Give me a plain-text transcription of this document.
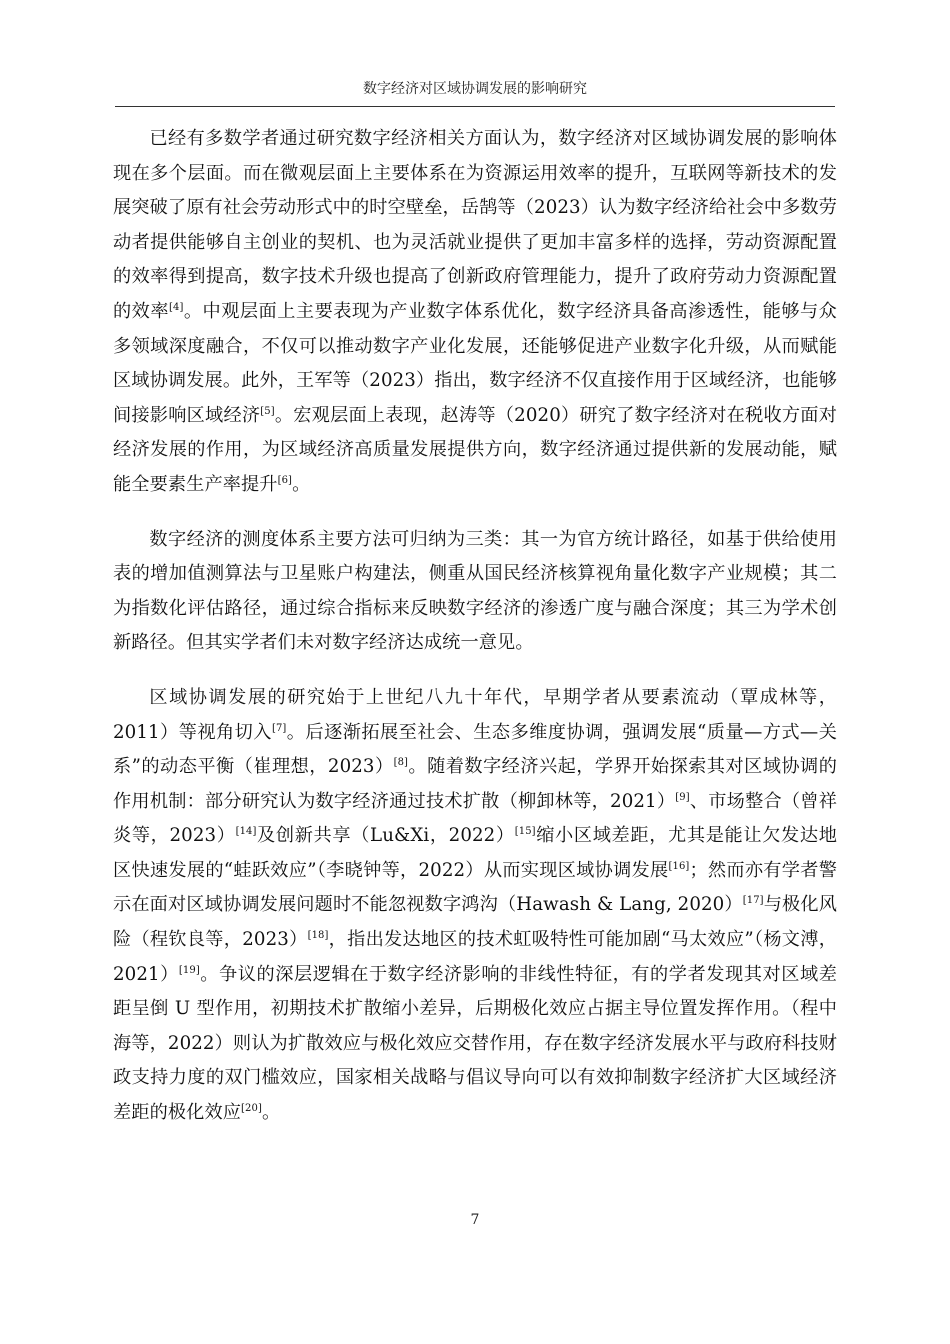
数字经济对区域协调发展的影响研究

已经有多数学者通过研究数字经济相关方面认为，数字经济对区域协调发展的影响体现在多个层面。而在微观层面上主要体系在为资源运用效率的提升，互联网等新技术的发展突破了原有社会劳动形式中的时空壁垒，岳鹄等（2023）认为数字经济给社会中多数劳动者提供能够自主创业的契机、也为灵活就业提供了更加丰富多样的选择，劳动资源配置的效率得到提高，数字技术升级也提高了创新政府管理能力，提升了政府劳动力资源配置的效率[4]。中观层面上主要表现为产业数字体系优化，数字经济具备高渗透性，能够与众多领域深度融合，不仅可以推动数字产业化发展，还能够促进产业数字化升级，从而赋能区域协调发展。此外，王军等（2023）指出，数字经济不仅直接作用于区域经济，也能够间接影响区域经济[5]。宏观层面上表现，赵涛等（2020）研究了数字经济对在税收方面对经济发展的作用，为区域经济高质量发展提供方向，数字经济通过提供新的发展动能，赋能全要素生产率提升[6]。

数字经济的测度体系主要方法可归纳为三类：其一为官方统计路径，如基于供给使用表的增加值测算法与卫星账户构建法，侧重从国民经济核算视角量化数字产业规模；其二为指数化评估路径，通过综合指标来反映数字经济的渗透广度与融合深度；其三为学术创新路径。但其实学者们未对数字经济达成统一意见。

区域协调发展的研究始于上世纪八九十年代，早期学者从要素流动（覃成林等，2011）等视角切入[7]。后逐渐拓展至社会、生态多维度协调，强调发展“质量—方式—关系”的动态平衡（崔理想，2023）[8]。随着数字经济兴起，学界开始探索其对区域协调的作用机制：部分研究认为数字经济通过技术扩散（柳卸林等，2021）[9]、市场整合（曾祥炎等，2023）[14]及创新共享（Lu&Xi，2022）[15]缩小区域差距，尤其是能让欠发达地区快速发展的“蛙跃效应”（李晓钟等，2022）从而实现区域协调发展[16]；然而亦有学者警示在面对区域协调发展问题时不能忽视数字鸿沟（Hawash & Lang, 2020）[17]与极化风险（程钦良等，2023）[18]，指出发达地区的技术虹吸特性可能加剧“马太效应”（杨文溥，2021）[19]。争议的深层逻辑在于数字经济影响的非线性特征，有的学者发现其对区域差距呈倒 U 型作用，初期技术扩散缩小差异，后期极化效应占据主导位置发挥作用。（程中海等，2022）则认为扩散效应与极化效应交替作用，存在数字经济发展水平与政府科技财政支持力度的双门槛效应，国家相关战略与倡议导向可以有效抑制数字经济扩大区域经济差距的极化效应[20]。

7
